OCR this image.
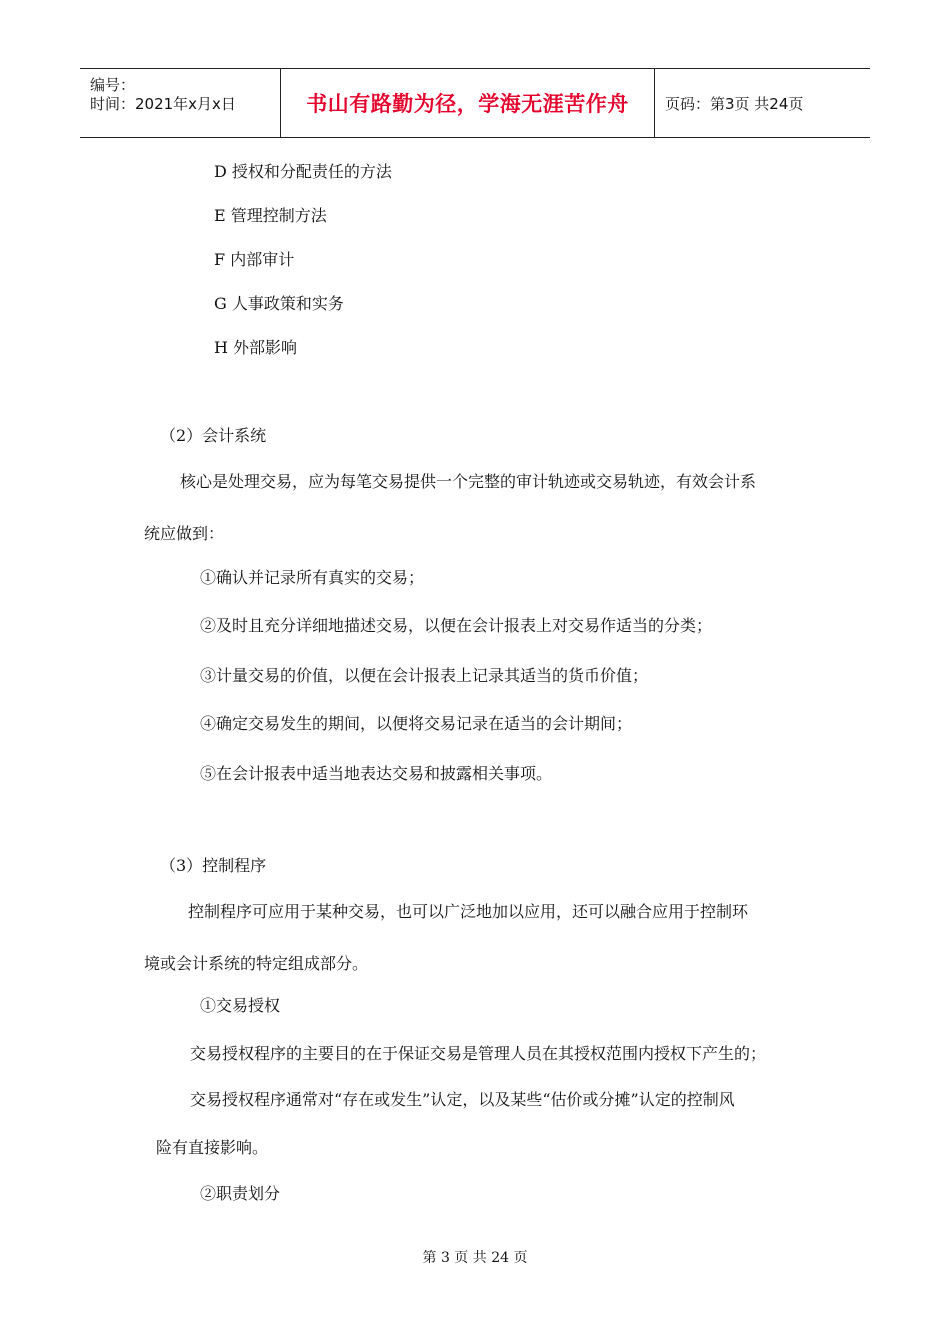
编号：
时间：2021年x月x日	书山有路勤为径，学海无涯苦作舟 页码：第3页 共24页
D 授权和分配责任的方法
E 管理控制方法
F 内部审计
G 人事政策和实务
H 外部影响
（2）会计系统
核心是处理交易，应为每笔交易提供一个完整的审计轨迹或交易轨迹，有效会计系
统应做到：
①确认并记录所有真实的交易；
②及时且充分详细地描述交易，以便在会计报表上对交易作适当的分类；
③计量交易的价值，以便在会计报表上记录其适当的货币价值；
④确定交易发生的期间，以便将交易记录在适当的会计期间；
⑤在会计报表中适当地表达交易和披露相关事项。
（3）控制程序
控制程序可应用于某种交易，也可以广泛地加以应用，还可以融合应用于控制环
境或会计系统的特定组成部分。
①交易授权
交易授权程序的主要目的在于保证交易是管理人员在其授权范围内授权下产生的；
交易授权程序通常对“存在或发生”认定，以及某些“估价或分摊”认定的控制风
险有直接影响。
②职责划分
第 3 页 共 24 页
